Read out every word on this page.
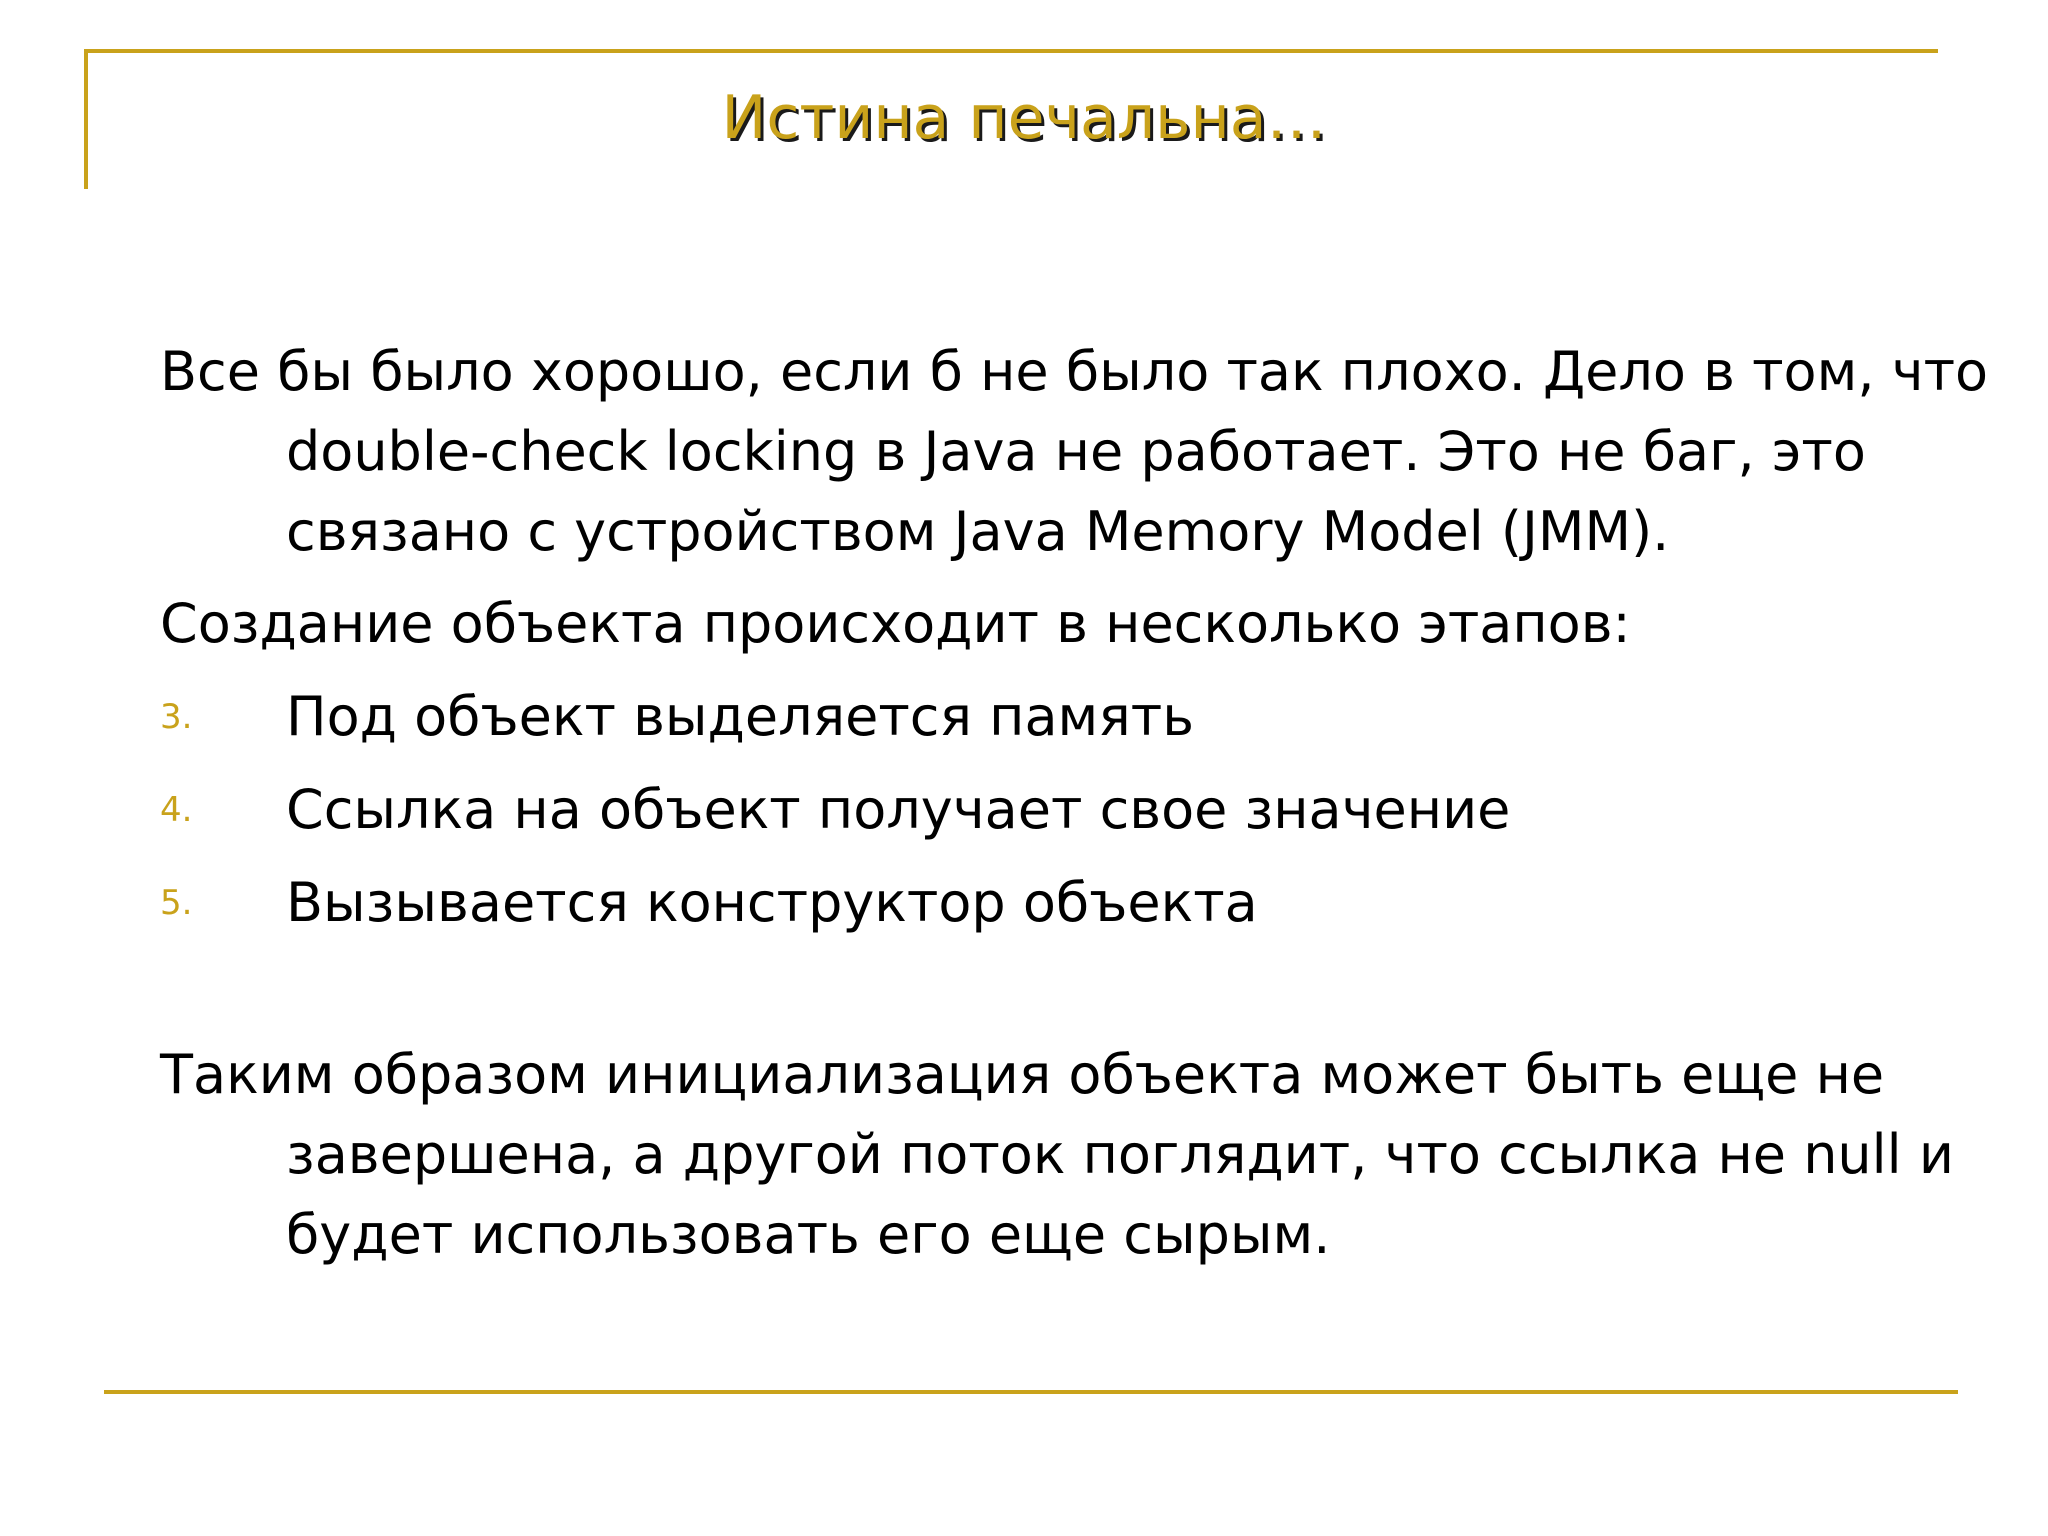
Истина печальна…

Все бы было хорошо, если б не было так плохо. Дело в том, что double-check locking в Java не работает. Это не баг, это связано с устройством Java Memory Model (JMM).

Создание объекта происходит в несколько этапов:

3. Под объект выделяется память
4. Ссылка на объект получает свое значение
5. Вызывается конструктор объекта

Таким образом инициализация объекта может быть еще не завершена, а другой поток поглядит, что ссылка не null и будет использовать его еще сырым.
